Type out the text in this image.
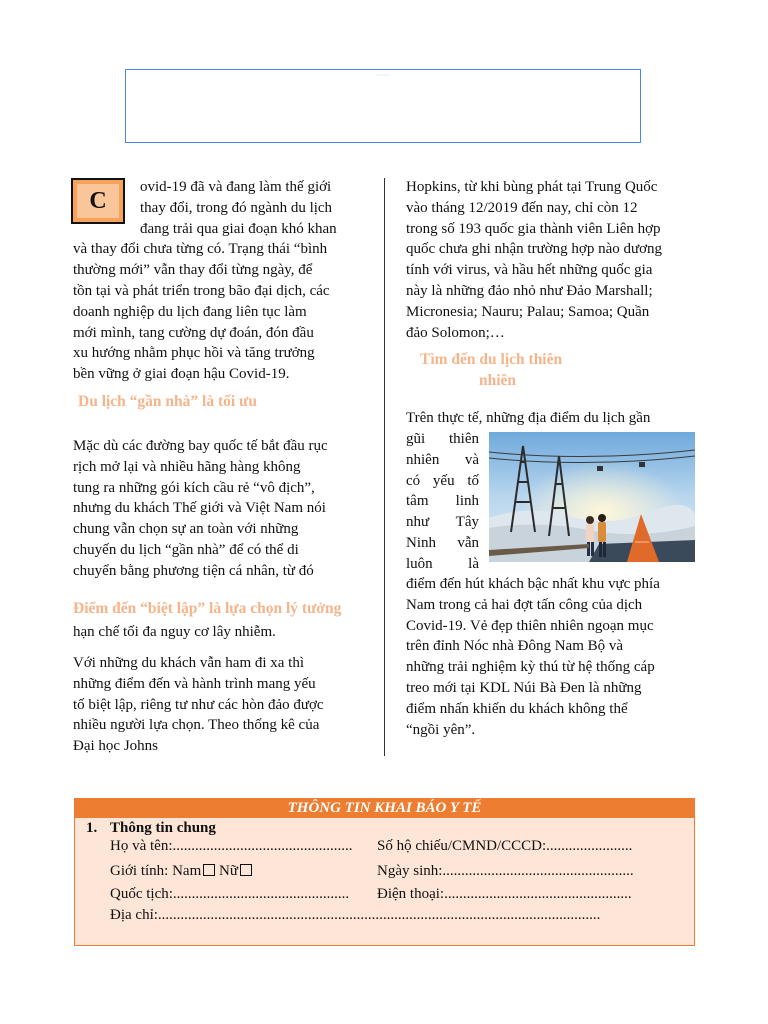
~~~~~~~~
C
ovid-19 đã và đang làm thế giới
thay đổi, trong đó ngành du lịch
đang trải qua giai đoạn khó khan
và thay đổi chưa từng có. Trạng thái “bình
thường mới” vẫn thay đổi từng ngày, để
tồn tại và phát triển trong bão đại dịch, các
doanh nghiệp du lịch đang liên tục làm
mới mình, tang cường dự đoán, đón đầu
xu hướng nhằm phục hồi và tăng trưởng
bền vững ở giai đoạn hậu Covid-19.
Du lịch “gần nhà” là tối ưu
Mặc dù các đường bay quốc tế bắt đầu rục
rịch mở lại và nhiều hãng hàng không
tung ra những gói kích cầu rẻ “vô địch”,
nhưng du khách Thế giới và Việt Nam nói
chung vẫn chọn sự an toàn với những
chuyến du lịch “gần nhà” để có thể di
chuyển bằng phương tiện cá nhân, từ đó
Điểm đến “biệt lập” là lựa chọn lý tưởng
hạn chế tối đa nguy cơ lây nhiễm.
Với những du khách vẫn ham đi xa thì
những điểm đến và hành trình mang yếu
tố biệt lập, riêng tư như các hòn đảo được
nhiều người lựa chọn. Theo thống kê của
Đại học Johns
Hopkins, từ khi bùng phát tại Trung Quốc
vào tháng 12/2019 đến nay, chỉ còn 12
trong số 193 quốc gia thành viên Liên hợp
quốc chưa ghi nhận trường hợp nào dương
tính với virus, và hầu hết những quốc gia
này là những đảo nhỏ như Đảo Marshall;
Micronesia; Nauru; Palau; Samoa; Quần
đảo Solomon;…
Tìm đến du lịch thiên
nhiên
Trên thực tế, những địa điểm du lịch gần
gũi thiên
nhiên và
có yếu tố
tâm linh
như Tây
Ninh vẫn
luôn là
điểm đến hút khách bậc nhất khu vực phía
Nam trong cả hai đợt tấn công của dịch
Covid-19. Vẻ đẹp thiên nhiên ngoạn mục
trên đỉnh Nóc nhà Đông Nam Bộ và
những trải nghiệm kỳ thú từ hệ thống cáp
treo mới tại KDL Núi Bà Đen là những
điểm nhấn khiến du khách không thể
“ngồi yên”.
THÔNG TIN KHAI BÁO Y TẾ
1. Thông tin chung
Họ và tên:................................................ Số hộ chiếu/CMND/CCCD:.......................
Giới tính: Nam Nữ	Ngày sinh:...................................................
Quốc tịch:............................................... Điện thoại:..................................................
Địa chỉ:......................................................................................................................
